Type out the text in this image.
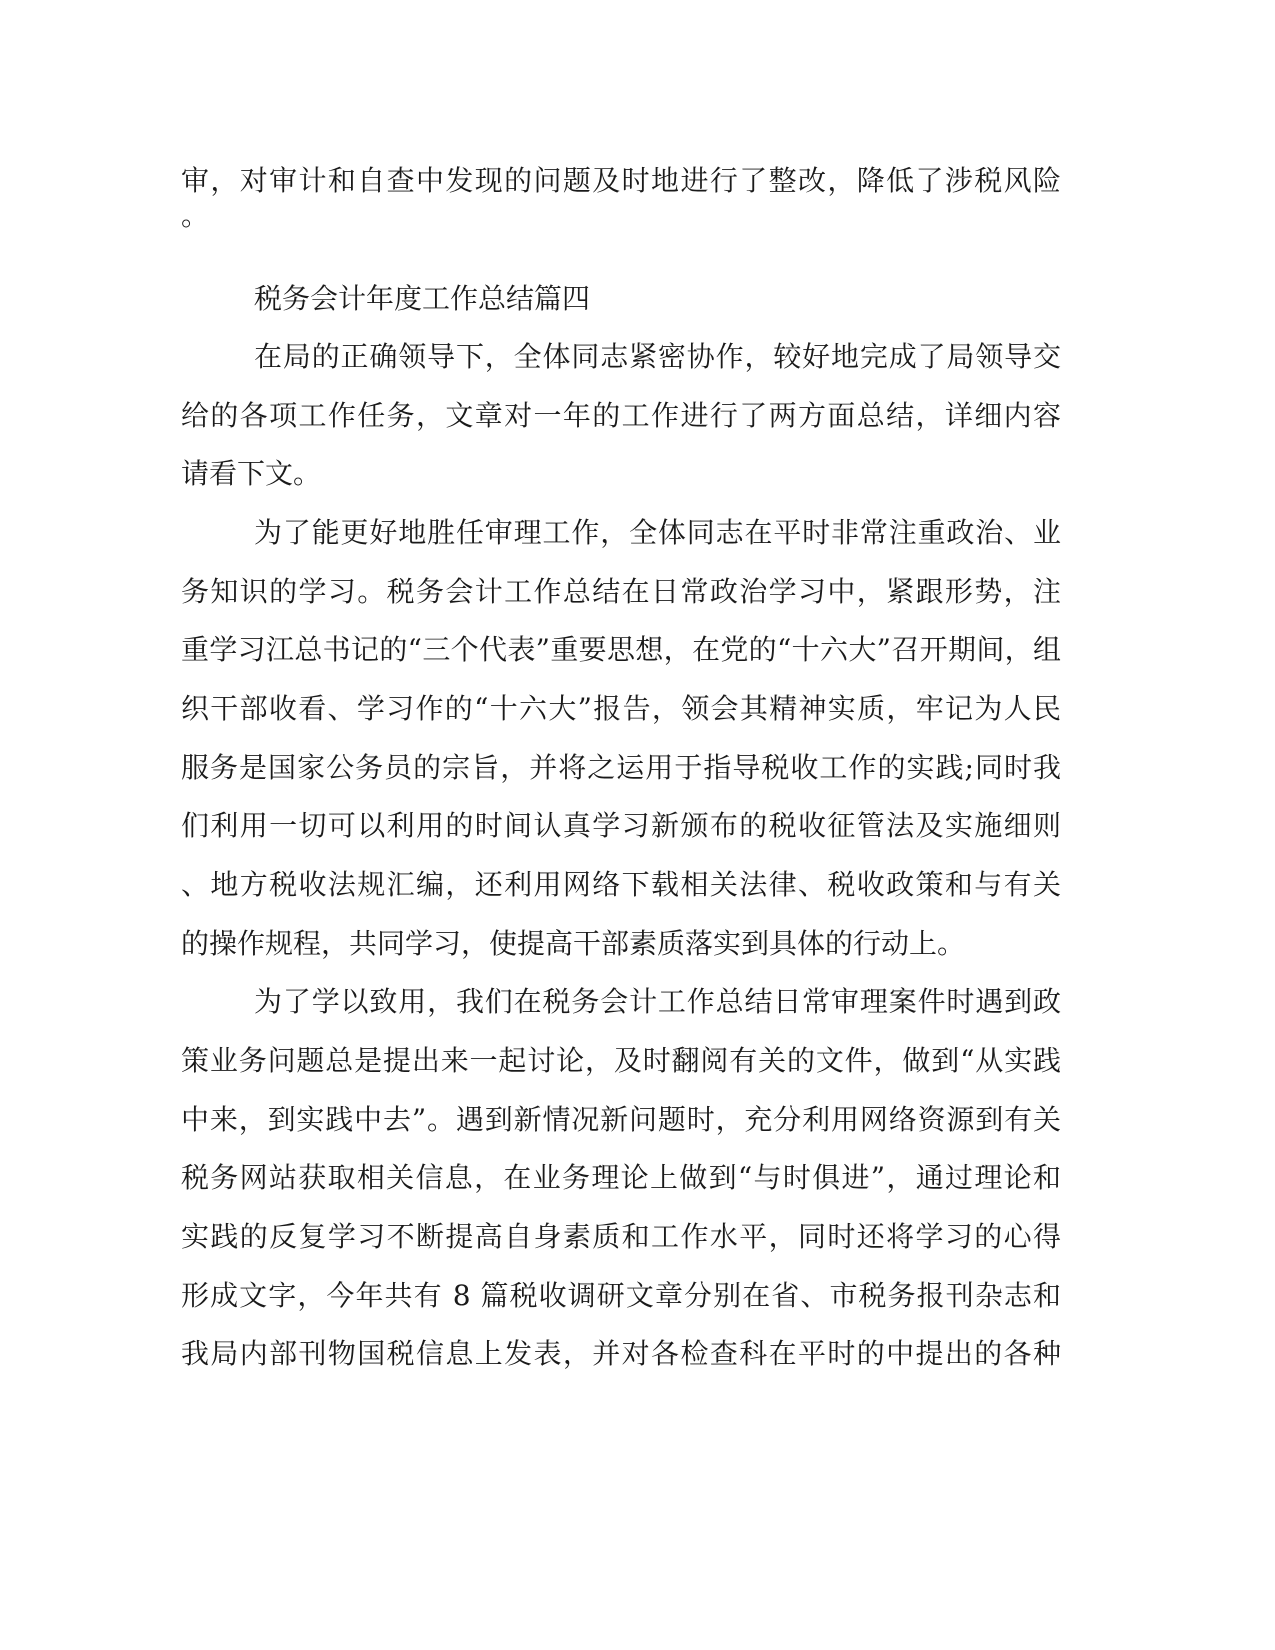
审，对审计和自查中发现的问题及时地进行了整改，降低了涉税风险
。
税务会计年度工作总结篇四
在局的正确领导下，全体同志紧密协作，较好地完成了局领导交
给的各项工作任务，文章对一年的工作进行了两方面总结，详细内容
请看下文。
为了能更好地胜任审理工作，全体同志在平时非常注重政治、业
务知识的学习。税务会计工作总结在日常政治学习中，紧跟形势，注
重学习江总书记的“三个代表”重要思想，在党的“十六大”召开期间，组
织干部收看、学习作的“十六大”报告，领会其精神实质，牢记为人民
服务是国家公务员的宗旨，并将之运用于指导税收工作的实践;同时我
们利用一切可以利用的时间认真学习新颁布的税收征管法及实施细则
、地方税收法规汇编，还利用网络下载相关法律、税收政策和与有关
的操作规程，共同学习，使提高干部素质落实到具体的行动上。
为了学以致用，我们在税务会计工作总结日常审理案件时遇到政
策业务问题总是提出来一起讨论，及时翻阅有关的文件，做到“从实践
中来，到实践中去”。遇到新情况新问题时，充分利用网络资源到有关
税务网站获取相关信息，在业务理论上做到“与时俱进”，通过理论和
实践的反复学习不断提高自身素质和工作水平，同时还将学习的心得
形成文字，今年共有 8 篇税收调研文章分别在省、市税务报刊杂志和
我局内部刊物国税信息上发表，并对各检查科在平时的中提出的各种
